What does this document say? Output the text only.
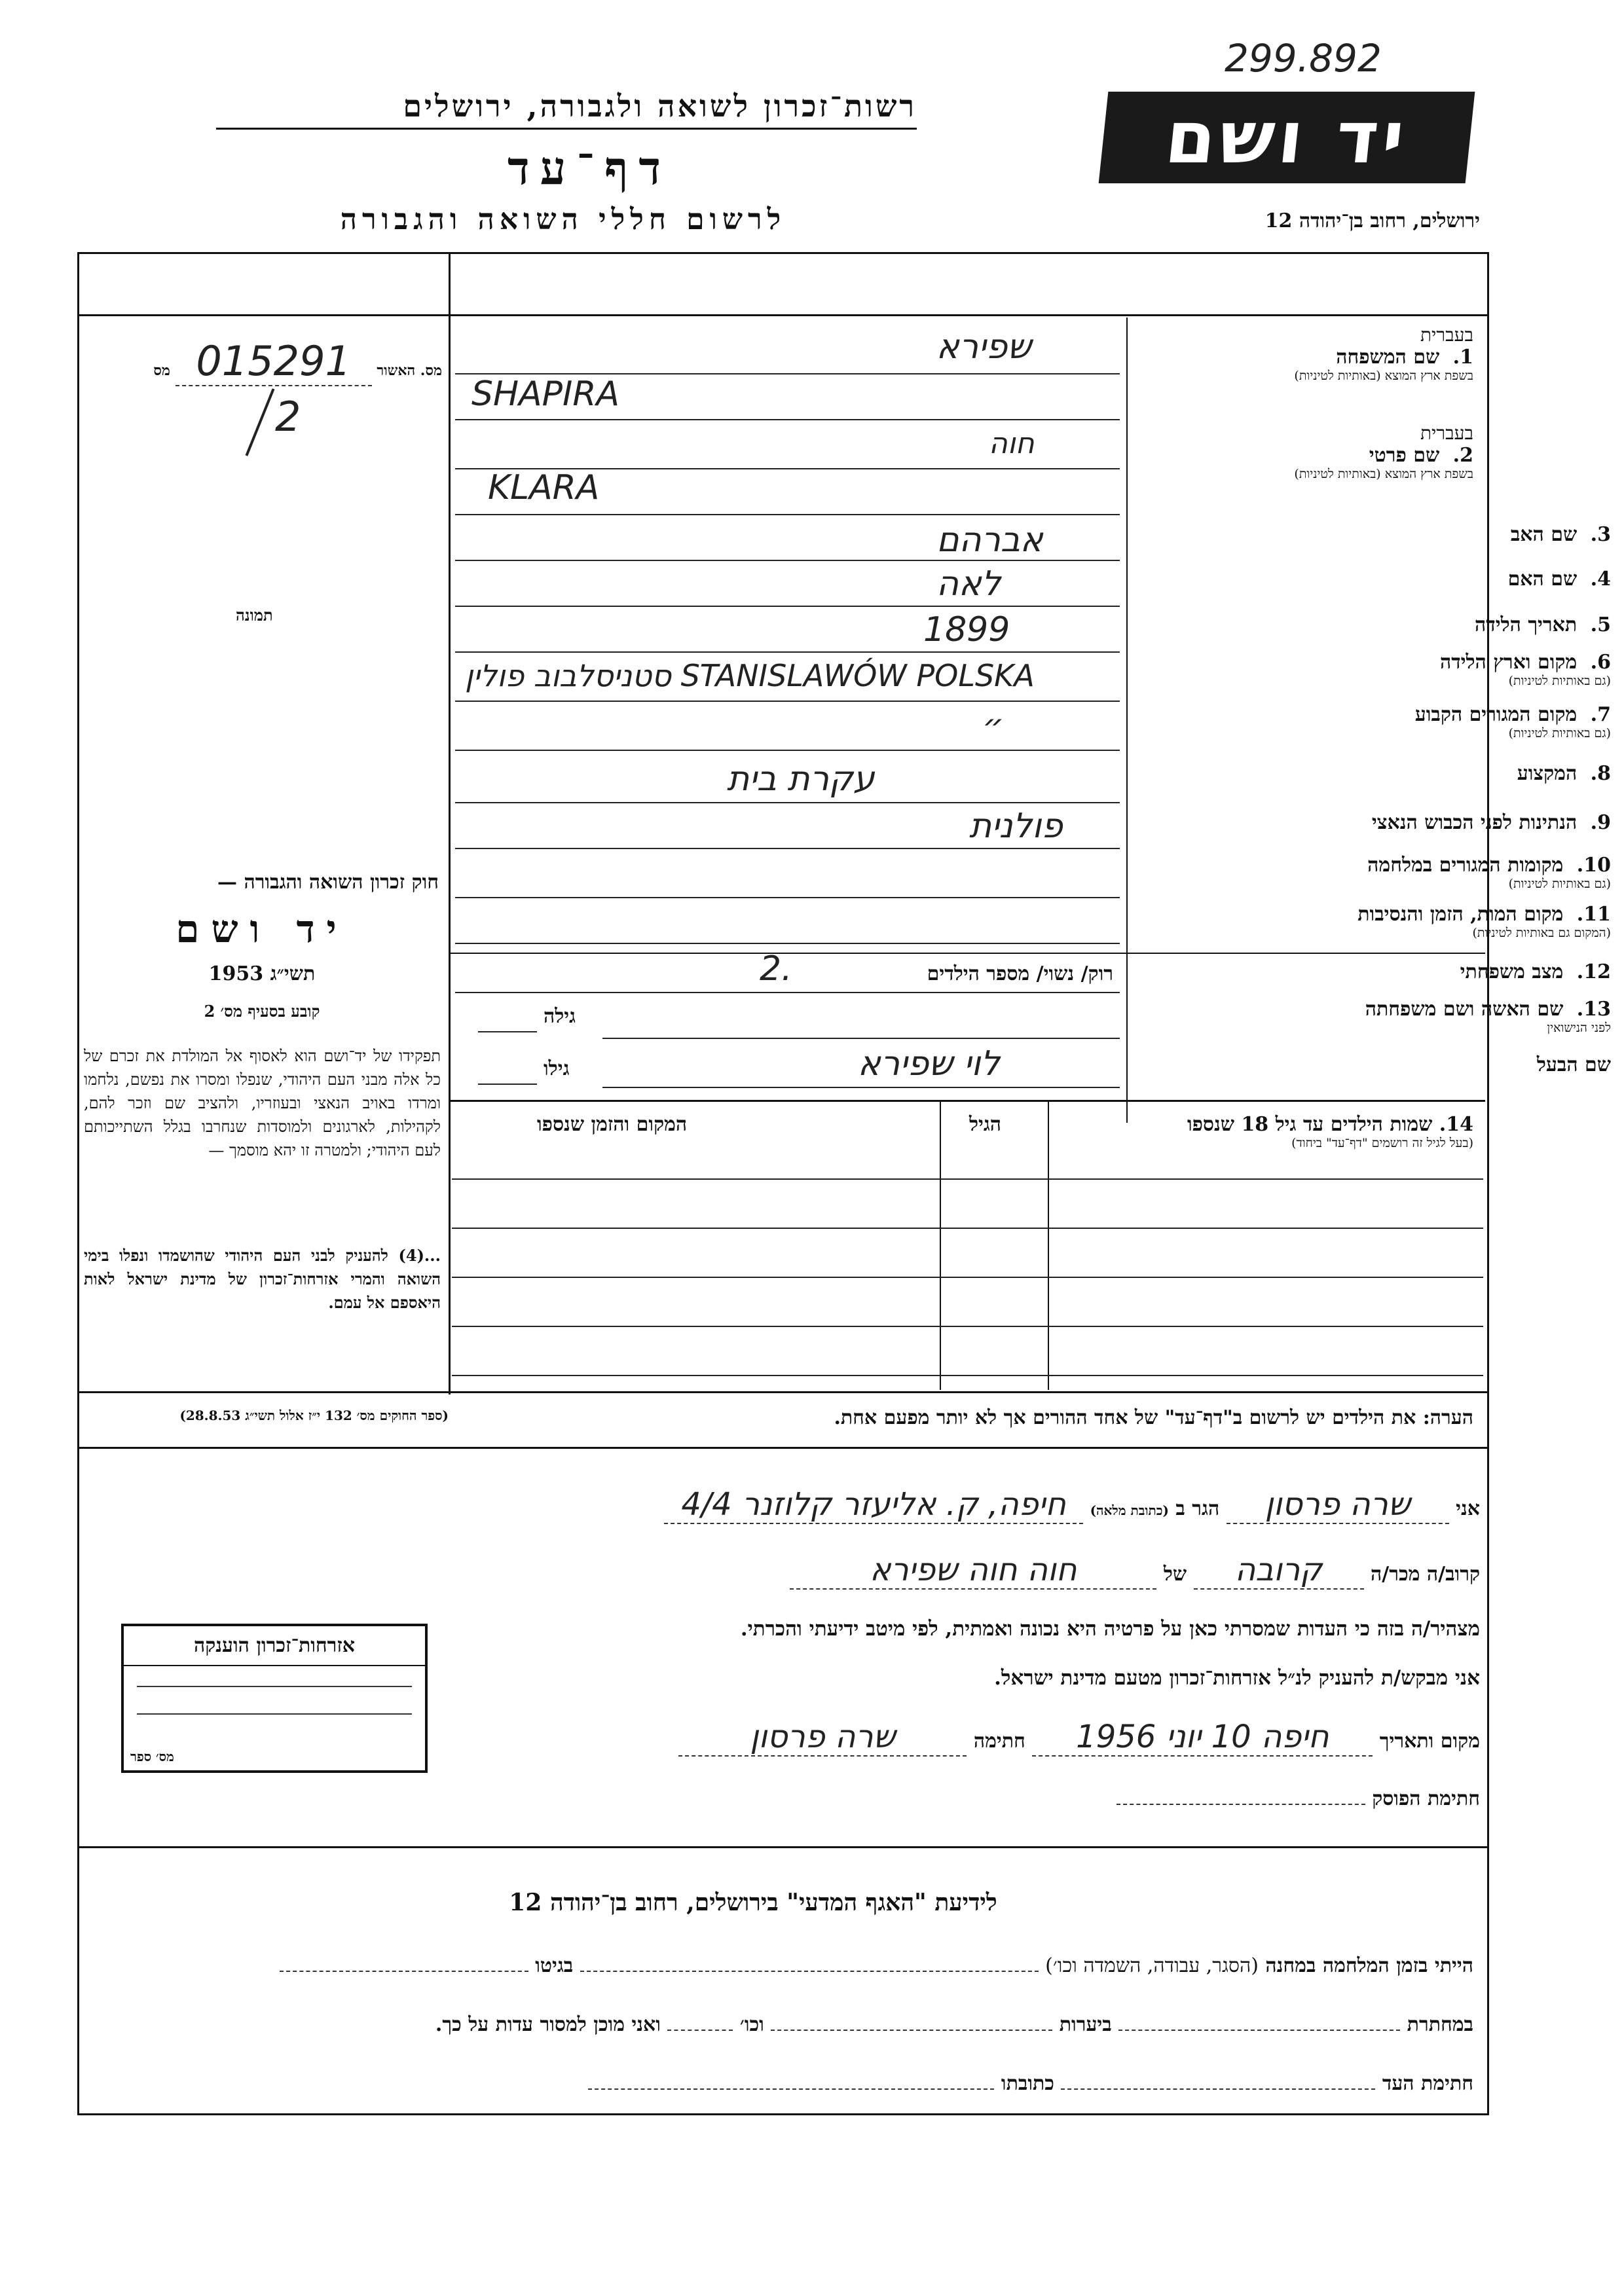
299.892
יד ושם
ירושלים, רחוב בן־יהודה 12
רשות־זכרון לשואה ולגבורה, ירושלים
דף־עד
לרשום חללי השואה והגבורה
מס. האשור 015291 מס
2
תמונה
בעברית
1. שם המשפחה
בשפת ארץ המוצא (באותיות לטיניות)
שפירא
SHAPIRA
בעברית
2. שם פרטי
בשפת ארץ המוצא (באותיות לטיניות)
חוה
KLARA
3. שם האב
אברהם
4. שם האם
לאה
5. תאריך הלידה
1899
6. מקום וארץ הלידה
(גם באותיות לטיניות)
סטניסלבוב פולין STANISLAWÓW POLSKA
7. מקום המגורים הקבוע
(גם באותיות לטיניות)
״
8. המקצוע
עקרת בית
9. הנתינות לפני הכבוש הנאצי
פולנית
10. מקומות המגורים במלחמה
(גם באותיות לטיניות)
11. מקום המות, הזמן והנסיבות
(המקום גם באותיות לטיניות)
12. מצב משפחתי
רוק/ נשוי/ מספר הילדים
2.
13. שם האשה ושם משפחתה
לפני הנישואין
גילה
שם הבעל
גילו	לוי שפירא
14. שמות הילדים עד גיל 18 שנספו
(בעל לגיל זה רושמים "דף־עד" ביחוד)
הגיל
המקום והזמן שנספו
חוק זכרון השואה והגבורה —
יד ושם
תשי״ג 1953
קובע בסעיף מס׳ 2
תפקידו של יד־ושם הוא לאסוף אל המולדת את זכרם של כל אלה מבני העם היהודי, שנפלו ומסרו את נפשם, נלחמו ומרדו באויב הנאצי ובעוזריו, ולהציב שם וזכר להם, לקהילות, לארגונים ולמוסדות שנחרבו בגלל השתייכותם לעם היהודי; ולמטרה זו יהא מוסמך —
...(4) להעניק לבני העם היהודי שהושמדו ונפלו בימי השואה והמרי אזרחות־זכרון של מדינת ישראל לאות היאספם אל עמם.
(ספר החוקים מס׳ 132 י״ז אלול תשי״ג 28.8.53)	הערה: את הילדים יש לרשום ב"דף־עד" של אחד ההורים אך לא יותר מפעם אחת.
אני שרה פרסון הגר ב (כתובת מלאה) חיפה, ק. אליעזר קלוזנר 4/4
קרוב/ה מכר/ה קרובה של חוה חוה שפירא
מצהיר/ה בזה כי העדות שמסרתי כאן על פרטיה היא נכונה ואמתית, לפי מיטב ידיעתי והכרתי.
אני מבקש/ת להעניק לנ״ל אזרחות־זכרון מטעם מדינת ישראל.
מקום ותאריך חיפה 10 יוני 1956 חתימה שרה פרסון
חתימת הפוסק
אזרחות־זכרון הוענקה
מס׳ ספר
לידיעת "האגף המדעי" בירושלים, רחוב בן־יהודה 12
הייתי בזמן המלחמה במחנה (הסגר, עבודה, השמדה וכו׳)  בגיטו
במחתרת  ביערות  וכו׳  ואני מוכן למסור עדות על כך.
חתימת העד  כתובתו
